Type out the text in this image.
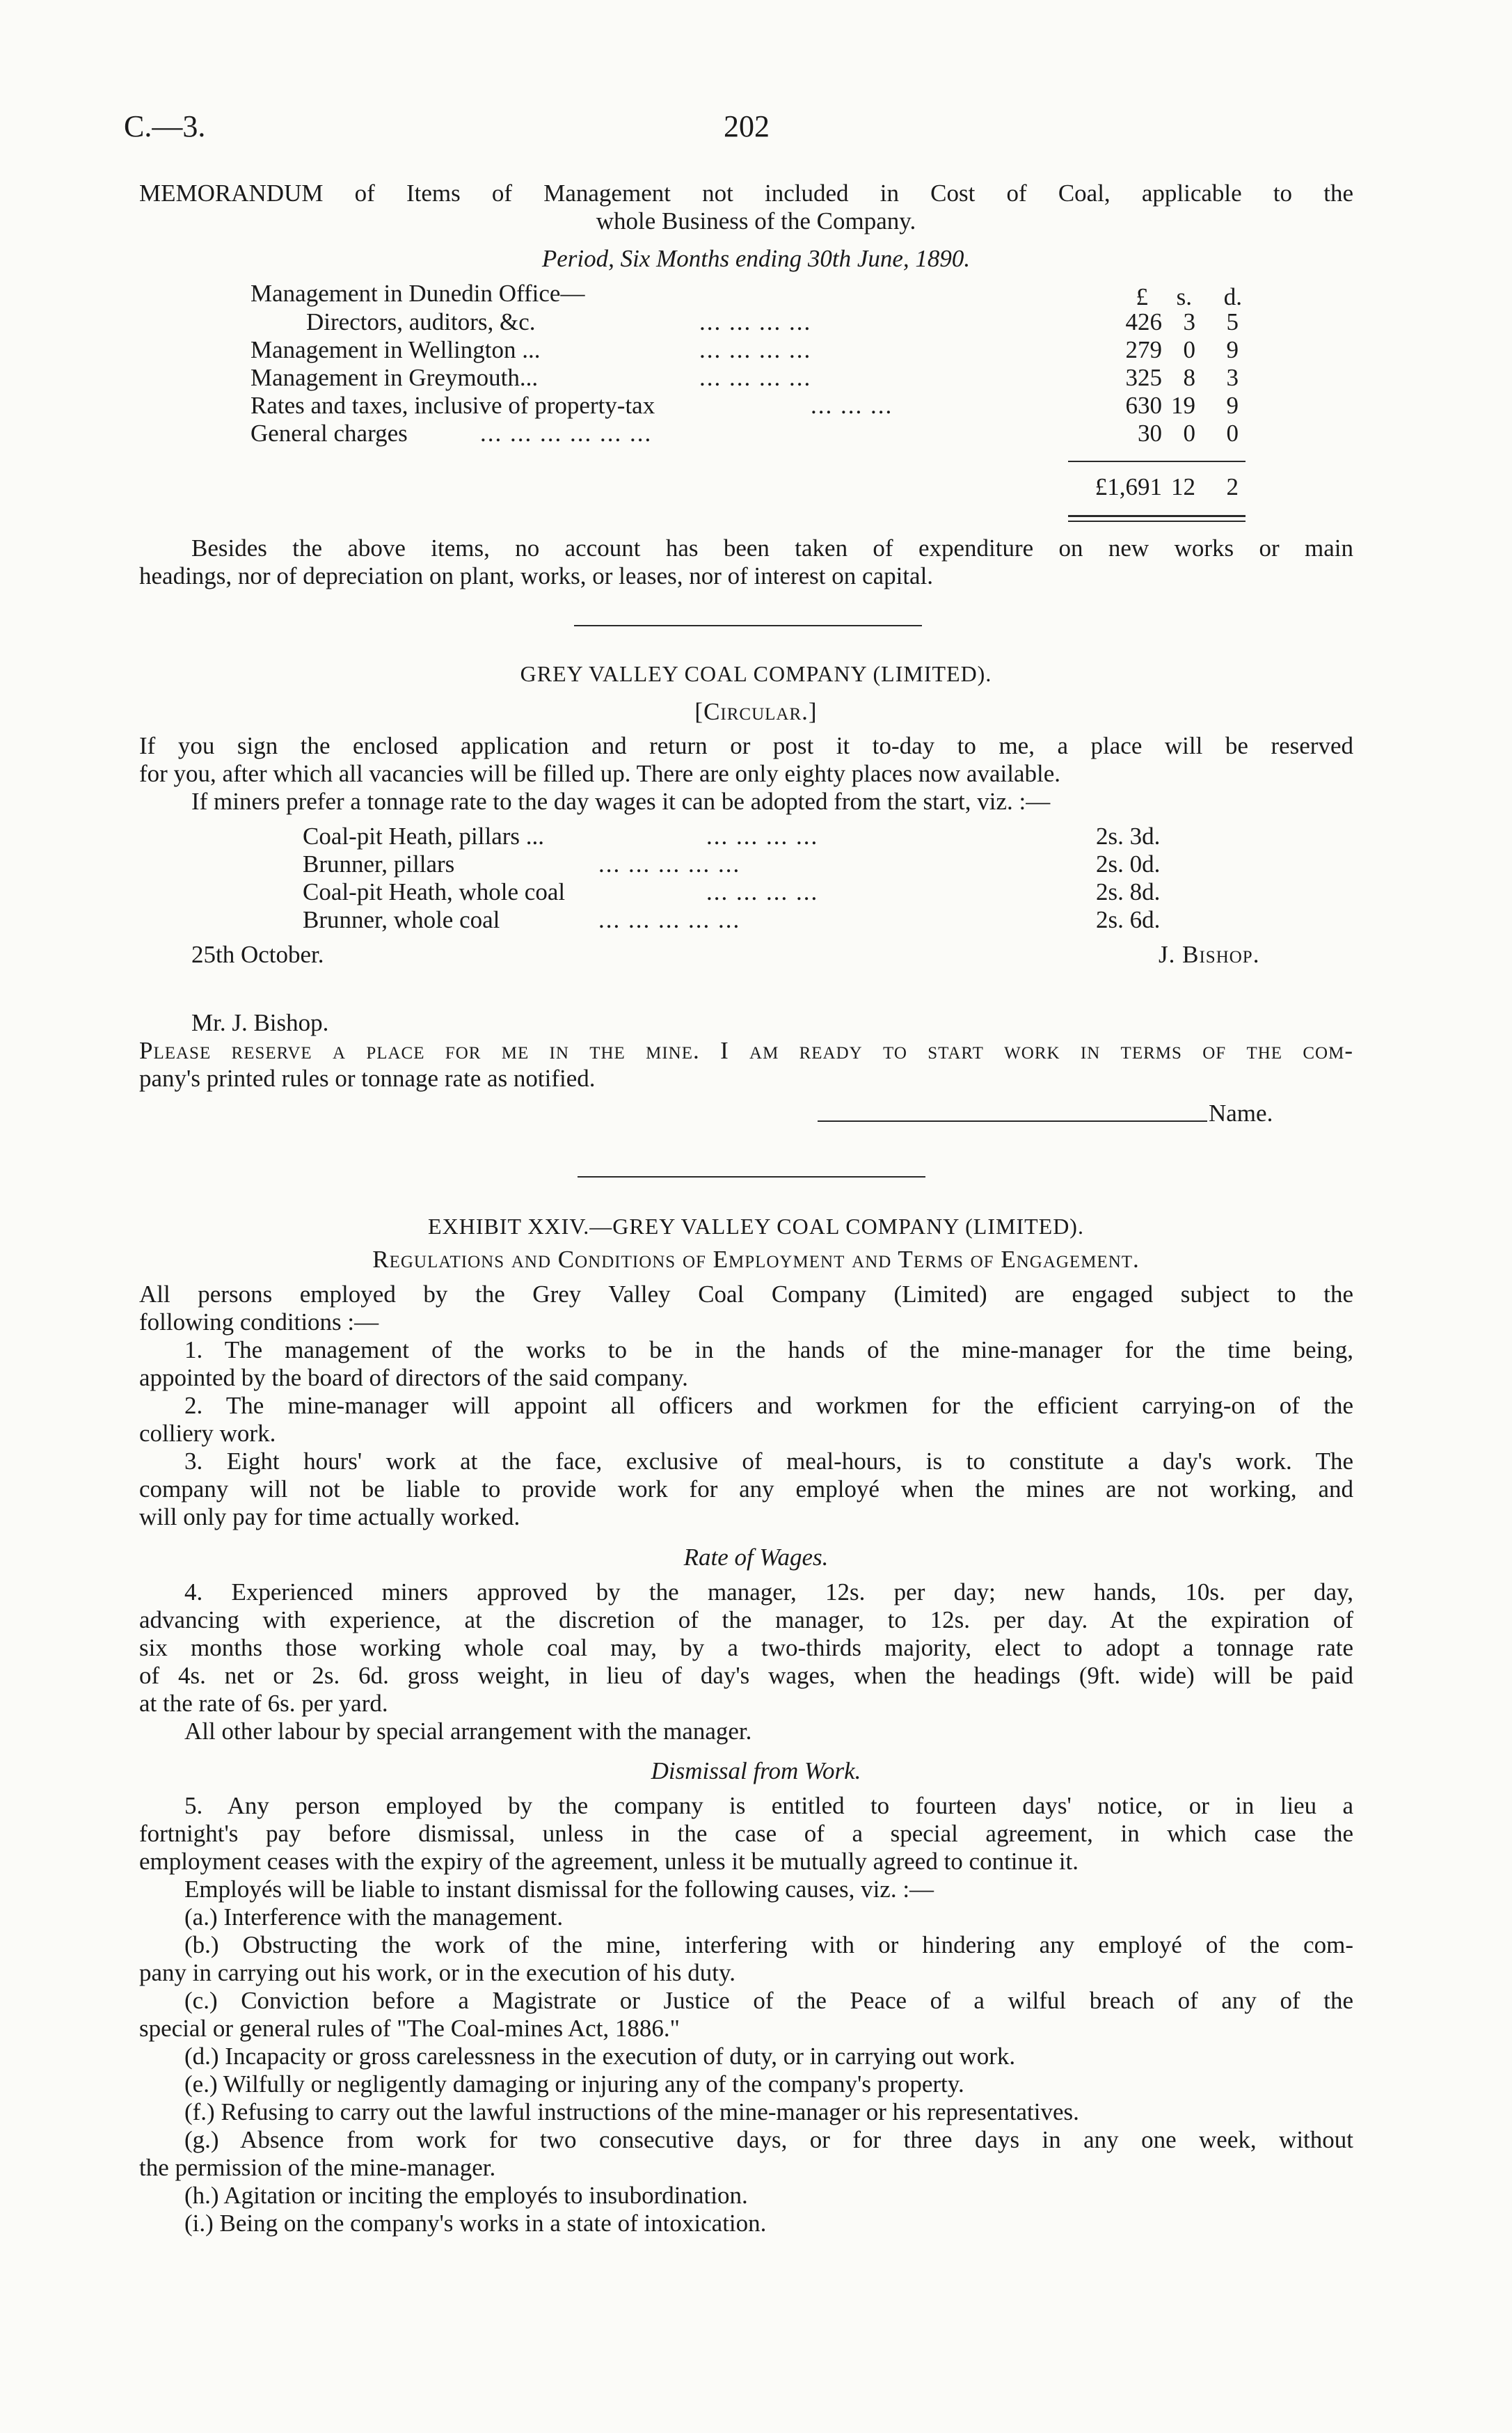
C.—3.	202
MEMORANDUM of Items of Management not included in Cost of Coal, applicable to the
whole Business of the Company.
Period, Six Months ending 30th June, 1890.
£	s.	d.
Management in Dunedin Office—
Directors, auditors, &c.	... ... ... ...	426 3	5
Management in Wellington ...	... ... ... ...	279 0	9
Management in Greymouth...	... ... ... ...	325 8	3
Rates and taxes, inclusive of property-tax	... ... ...	630 19	9
General charges	... ... ... ... ... ...	30 0	0
£1,691 12	2
Besides the above items, no account has been taken of expenditure on new works or main
headings, nor of depreciation on plant, works, or leases, nor of interest on capital.
GREY VALLEY COAL COMPANY (LIMITED).
[Circular.]
If you sign the enclosed application and return or post it to-day to me, a place will be reserved
for you, after which all vacancies will be filled up. There are only eighty places now available.
If miners prefer a tonnage rate to the day wages it can be adopted from the start, viz. :—
Coal-pit Heath, pillars ...	... ... ... ...	2s. 3d.
Brunner, pillars	... ... ... ... ...	2s. 0d.
Coal-pit Heath, whole coal	... ... ... ...	2s. 8d.
Brunner, whole coal	... ... ... ... ...	2s. 6d.
25th October.	J. Bishop.
Mr. J. Bishop.
Please reserve a place for me in the mine. I am ready to start work in terms of the com-
pany's printed rules or tonnage rate as notified.
Name.
EXHIBIT XXIV.—GREY VALLEY COAL COMPANY (LIMITED).
Regulations and Conditions of Employment and Terms of Engagement.
All persons employed by the Grey Valley Coal Company (Limited) are engaged subject to the
following conditions :—
1. The management of the works to be in the hands of the mine-manager for the time being,
appointed by the board of directors of the said company.
2. The mine-manager will appoint all officers and workmen for the efficient carrying-on of the
colliery work.
3. Eight hours' work at the face, exclusive of meal-hours, is to constitute a day's work. The
company will not be liable to provide work for any employé when the mines are not working, and
will only pay for time actually worked.
Rate of Wages.
4. Experienced miners approved by the manager, 12s. per day; new hands, 10s. per day,
advancing with experience, at the discretion of the manager, to 12s. per day. At the expiration of
six months those working whole coal may, by a two-thirds majority, elect to adopt a tonnage rate
of 4s. net or 2s. 6d. gross weight, in lieu of day's wages, when the headings (9ft. wide) will be paid
at the rate of 6s. per yard.
All other labour by special arrangement with the manager.
Dismissal from Work.
5. Any person employed by the company is entitled to fourteen days' notice, or in lieu a
fortnight's pay before dismissal, unless in the case of a special agreement, in which case the
employment ceases with the expiry of the agreement, unless it be mutually agreed to continue it.
Employés will be liable to instant dismissal for the following causes, viz. :—
(a.) Interference with the management.
(b.) Obstructing the work of the mine, interfering with or hindering any employé of the com-
pany in carrying out his work, or in the execution of his duty.
(c.) Conviction before a Magistrate or Justice of the Peace of a wilful breach of any of the
special or general rules of "The Coal-mines Act, 1886."
(d.) Incapacity or gross carelessness in the execution of duty, or in carrying out work.
(e.) Wilfully or negligently damaging or injuring any of the company's property.
(f.) Refusing to carry out the lawful instructions of the mine-manager or his representatives.
(g.) Absence from work for two consecutive days, or for three days in any one week, without
the permission of the mine-manager.
(h.) Agitation or inciting the employés to insubordination.
(i.) Being on the company's works in a state of intoxication.
